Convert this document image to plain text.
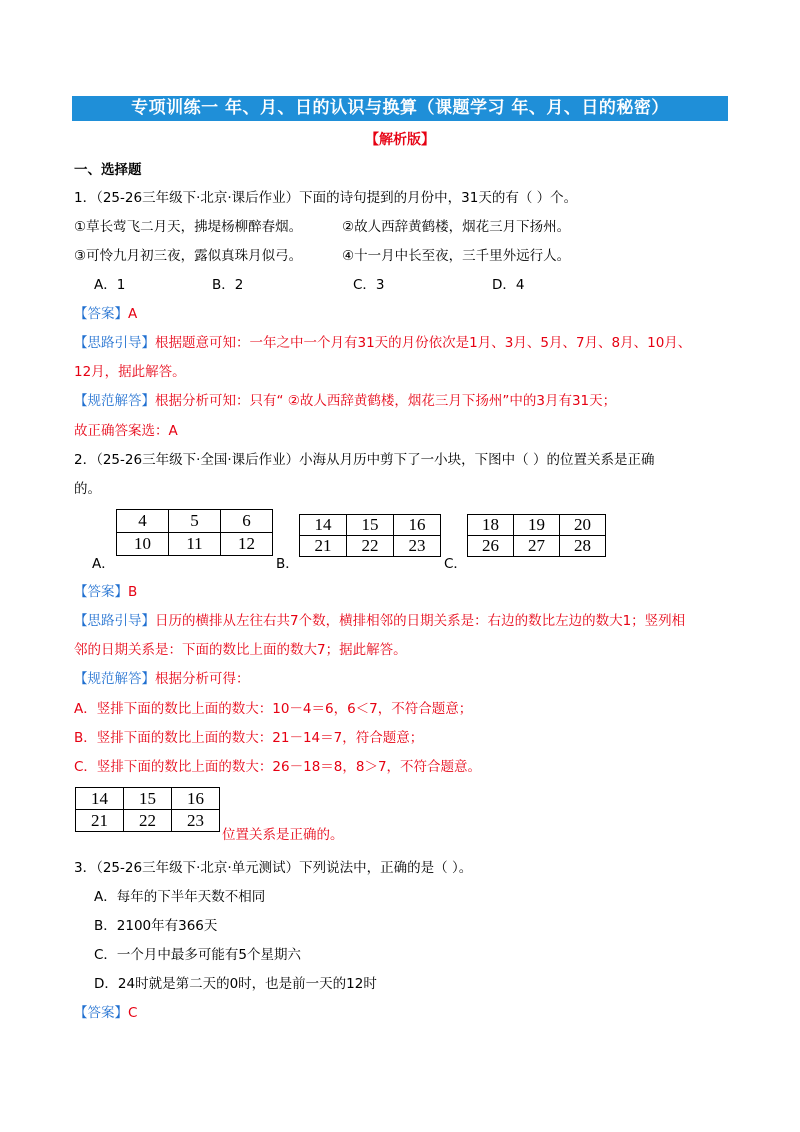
专项训练一 年、月、日的认识与换算（课题学习 年、月、日的秘密）
【解析版】
一、选择题
1．（25-26三年级下·北京·课后作业）下面的诗句提到的月份中，31天的有（ ）个。
①草长莺飞二月天，拂堤杨柳醉春烟。	②故人西辞黄鹤楼，烟花三月下扬州。
③可怜九月初三夜，露似真珠月似弓。	④十一月中长至夜，三千里外远行人。
A．1	B．2	C．3	D．4
【答案】A
【思路引导】根据题意可知：一年之中一个月有31天的月份依次是1月、3月、5月、7月、8月、10月、
12月，据此解答。
【规范解答】根据分析可知：只有“ ②故人西辞黄鹤楼，烟花三月下扬州”中的3月有31天；
故正确答案选：A
2．（25-26三年级下·全国·课后作业）小海从月历中剪下了一小块，下图中（ ）的位置关系是正确
的。
4	5	6
10	11	12
A．
14	15	16
21	22	23
B．
18	19	20
26	27	28
C．
【答案】B
【思路引导】日历的横排从左往右共7个数，横排相邻的日期关系是：右边的数比左边的数大1；竖列相
邻的日期关系是：下面的数比上面的数大7；据此解答。
【规范解答】根据分析可得：
A．竖排下面的数比上面的数大：10－4＝6，6＜7，不符合题意；
B．竖排下面的数比上面的数大：21－14＝7，符合题意；
C．竖排下面的数比上面的数大：26－18＝8，8＞7，不符合题意。
14	15	16
21	22	23
位置关系是正确的。
3．（25-26三年级下·北京·单元测试）下列说法中，正确的是（ ）。
A．每年的下半年天数不相同
B．2100年有366天
C．一个月中最多可能有5个星期六
D．24时就是第二天的0时，也是前一天的12时
【答案】C
